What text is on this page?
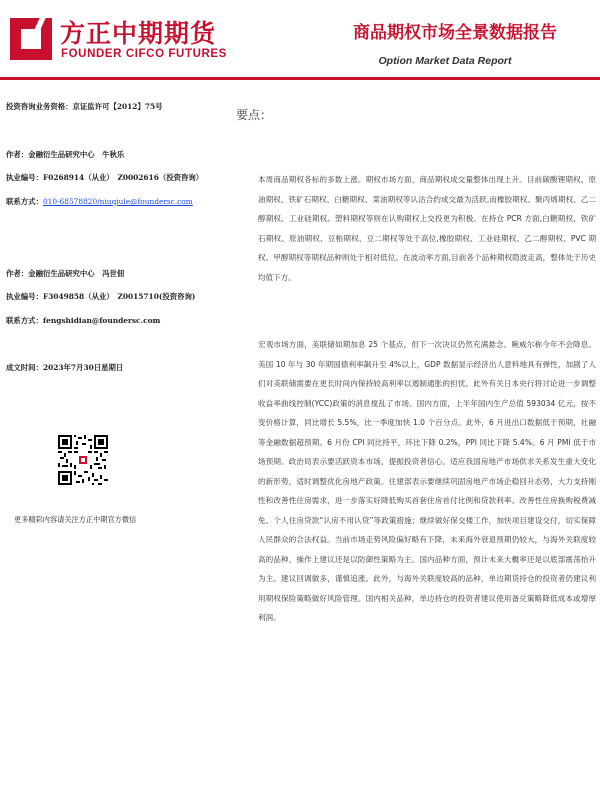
方正中期期货
FOUNDER CIFCO FUTURES
商品期权市场全景数据报告
Option Market Data Report
投资咨询业务资格：京证监许可【2012】75号
作者：金融衍生品研究中心　牛秋乐
执业编号：F0268914（从业）　Z0002616（投资咨询）
联系方式：010-68578820/niuqiule@foundersc.com
作者：金融衍生品研究中心　冯世佃
执业编号：F3049858（从业）　Z0015710(投资咨询)
联系方式：fengshidian@foundersc.com
成文时间：2023年7月30日星期日
更多精彩内容请关注方正中期官方微信
要点：

本周商品期权各标的多数上涨。期权市场方面，商品期权成交量整体出现上升。目前碳酸锂期权、原油期权、铁矿石期权、白糖期权、菜油期权等认沽合约成交最为活跃,而橡胶期权、聚丙烯期权、乙二醇期权、工业硅期权、塑料期权等则在认购期权上交投更为积极。在持仓 PCR 方面,白糖期权、铁矿石期权、原油期权、豆粕期权、豆二期权等处于高位,橡胶期权、工业硅期权、乙二醇期权、PVC 期权、甲醇期权等期权品种则处于相对低位。在波动率方面,目前各个品种期权隐波走高，整体处于历史均值下方。

宏观市场方面，美联储如期加息 25 个基点，但下一次决议仍然充满悬念。鲍威尔称今年不会降息。美国 10 年与 30 年期国债利率飙升至 4%以上，GDP 数据显示经济出人意料地具有弹性，加剧了人们对美联储需要在更长时间内保持较高利率以遏制通胀的担忧。此外有关日本央行将讨论进一步调整收益率曲线控制(YCC)政策的消息搅乱了市场。国内方面，上半年国内生产总值 593034 亿元，按不变价格计算，同比增长 5.5%，比一季度加快 1.0 个百分点。此外，6 月进出口数据低于预期，社融等金融数据超预期。6 月份 CPI 同比持平，环比下降 0.2%，PPI 同比下降 5.4%。6 月 PMI 低于市场预期。政治局表示要活跃资本市场，提振投资者信心。适应我国房地产市场供求关系发生重大变化的新形势，适时调整优化房地产政策。住建部表示要继续巩固房地产市场企稳回升态势，大力支持刚性和改善性住房需求，进一步落实好降低购买首套住房首付比例和贷款利率、改善性住房换购税费减免、个人住房贷款“认房不用认贷”等政策措施；继续做好保交楼工作，加快项目建设交付，切实保障人民群众的合法权益。当前市场走势风险偏好略有下降，未来海外衰退预期仍较大，与海外关联度较高的品种，操作上建议还是以防御性策略为主。国内品种方面，预计未来大概率还是以底部震荡抬升为主。建议回调做多，谨慎追涨。此外，与海外关联度较高的品种，单边期货持仓的投资者仍建议利用期权保险策略做好风险管理。国内相关品种，单边持仓的投资者建议使用备兑策略降低成本或增厚利润。
